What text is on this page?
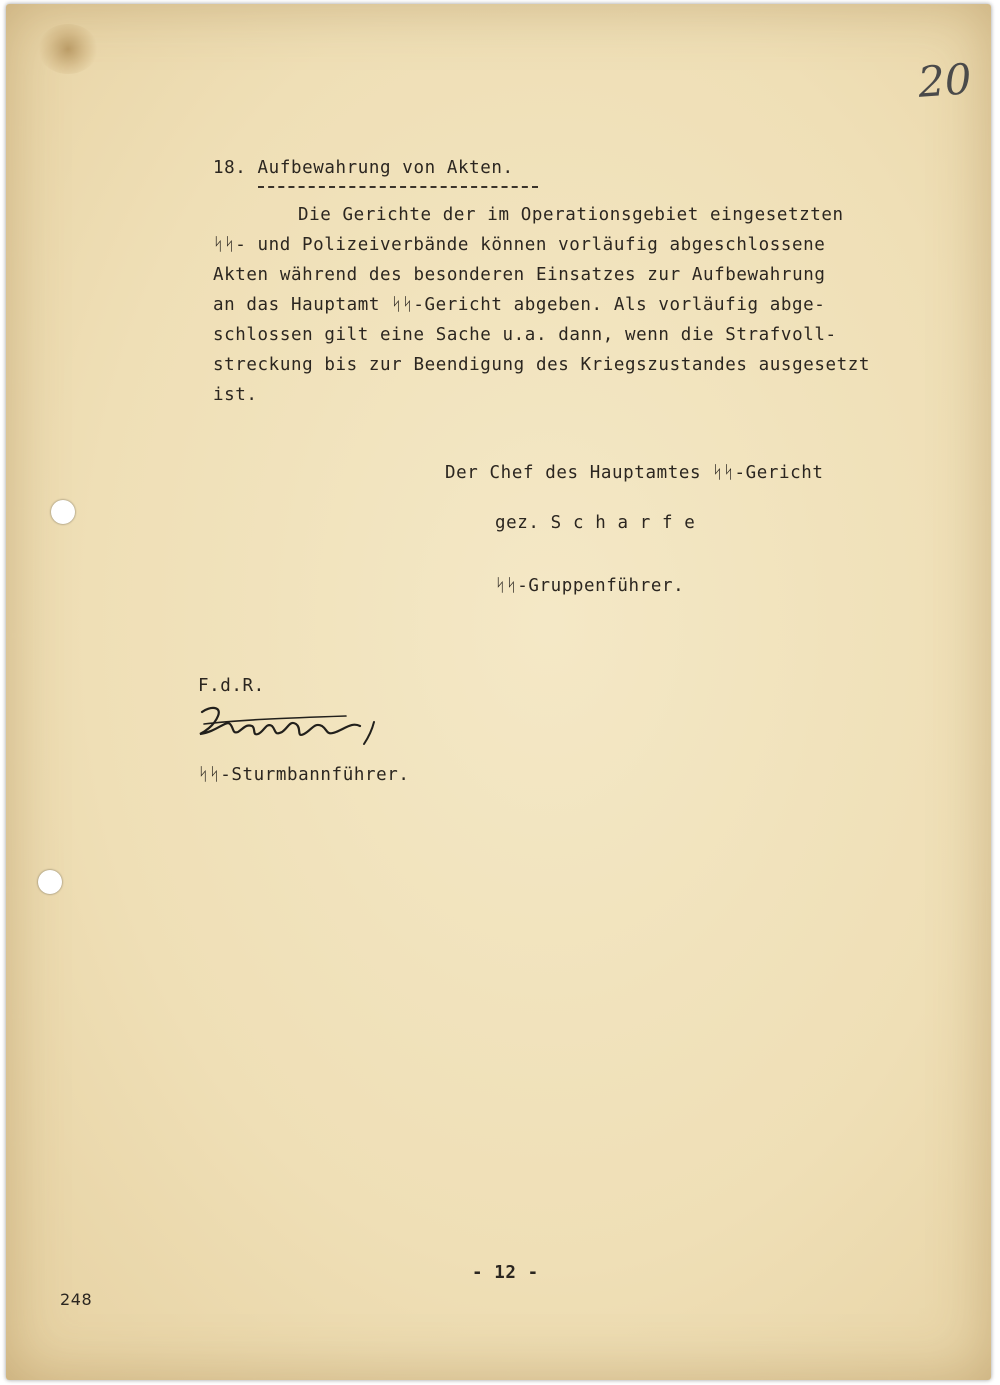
20

18. Aufbewahrung von Akten.

Die Gerichte der im Operationsgebiet eingesetzten

ᛋᛋ- und Polizeiverbände können vorläufig abgeschlossene

Akten während des besonderen Einsatzes zur Aufbewahrung

an das Hauptamt ᛋᛋ-Gericht abgeben. Als vorläufig abge-

schlossen gilt eine Sache u.a. dann, wenn die Strafvoll-

streckung bis zur Beendigung des Kriegszustandes ausgesetzt

ist.

Der Chef des Hauptamtes ᛋᛋ-Gericht

gez. S c h a r f e

ᛋᛋ-Gruppenführer.

F.d.R.

ᛋᛋ-Sturmbannführer.

- 12 -

248
